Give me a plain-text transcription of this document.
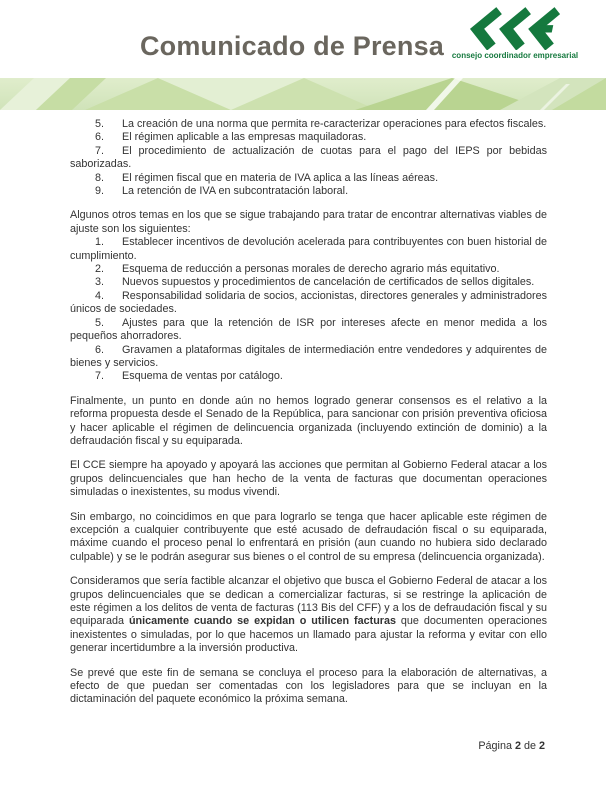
Comunicado de Prensa consejo coordinador empresarial
5. La creación de una norma que permita re-caracterizar operaciones para efectos fiscales.
6. El régimen aplicable a las empresas maquiladoras.
7. El procedimiento de actualización de cuotas para el pago del IEPS por bebidas saborizadas.
8. El régimen fiscal que en materia de IVA aplica a las líneas aéreas.
9. La retención de IVA en subcontratación laboral.

Algunos otros temas en los que se sigue trabajando para tratar de encontrar alternativas viables de ajuste son los siguientes:

1. Establecer incentivos de devolución acelerada para contribuyentes con buen historial de cumplimiento.
2. Esquema de reducción a personas morales de derecho agrario más equitativo.
3. Nuevos supuestos y procedimientos de cancelación de certificados de sellos digitales.
4. Responsabilidad solidaria de socios, accionistas, directores generales y administradores únicos de sociedades.
5. Ajustes para que la retención de ISR por intereses afecte en menor medida a los pequeños ahorradores.
6. Gravamen a plataformas digitales de intermediación entre vendedores y adquirentes de bienes y servicios.
7. Esquema de ventas por catálogo.

Finalmente, un punto en donde aún no hemos logrado generar consensos es el relativo a la reforma propuesta desde el Senado de la República, para sancionar con prisión preventiva oficiosa y hacer aplicable el régimen de delincuencia organizada (incluyendo extinción de dominio) a la defraudación fiscal y su equiparada.

El CCE siempre ha apoyado y apoyará las acciones que permitan al Gobierno Federal atacar a los grupos delincuenciales que han hecho de la venta de facturas que documentan operaciones simuladas o inexistentes, su modus vivendi.

Sin embargo, no coincidimos en que para lograrlo se tenga que hacer aplicable este régimen de excepción a cualquier contribuyente que esté acusado de defraudación fiscal o su equiparada, máxime cuando el proceso penal lo enfrentará en prisión (aun cuando no hubiera sido declarado culpable) y se le podrán asegurar sus bienes o el control de su empresa (delincuencia organizada).

Consideramos que sería factible alcanzar el objetivo que busca el Gobierno Federal de atacar a los grupos delincuenciales que se dedican a comercializar facturas, si se restringe la aplicación de este régimen a los delitos de venta de facturas (113 Bis del CFF) y a los de defraudación fiscal y su equiparada únicamente cuando se expidan o utilicen facturas que documenten operaciones inexistentes o simuladas, por lo que hacemos un llamado para ajustar la reforma y evitar con ello generar incertidumbre a la inversión productiva.

Se prevé que este fin de semana se concluya el proceso para la elaboración de alternativas, a efecto de que puedan ser comentadas con los legisladores para que se incluyan en la dictaminación del paquete económico la próxima semana.

Página 2 de 2
